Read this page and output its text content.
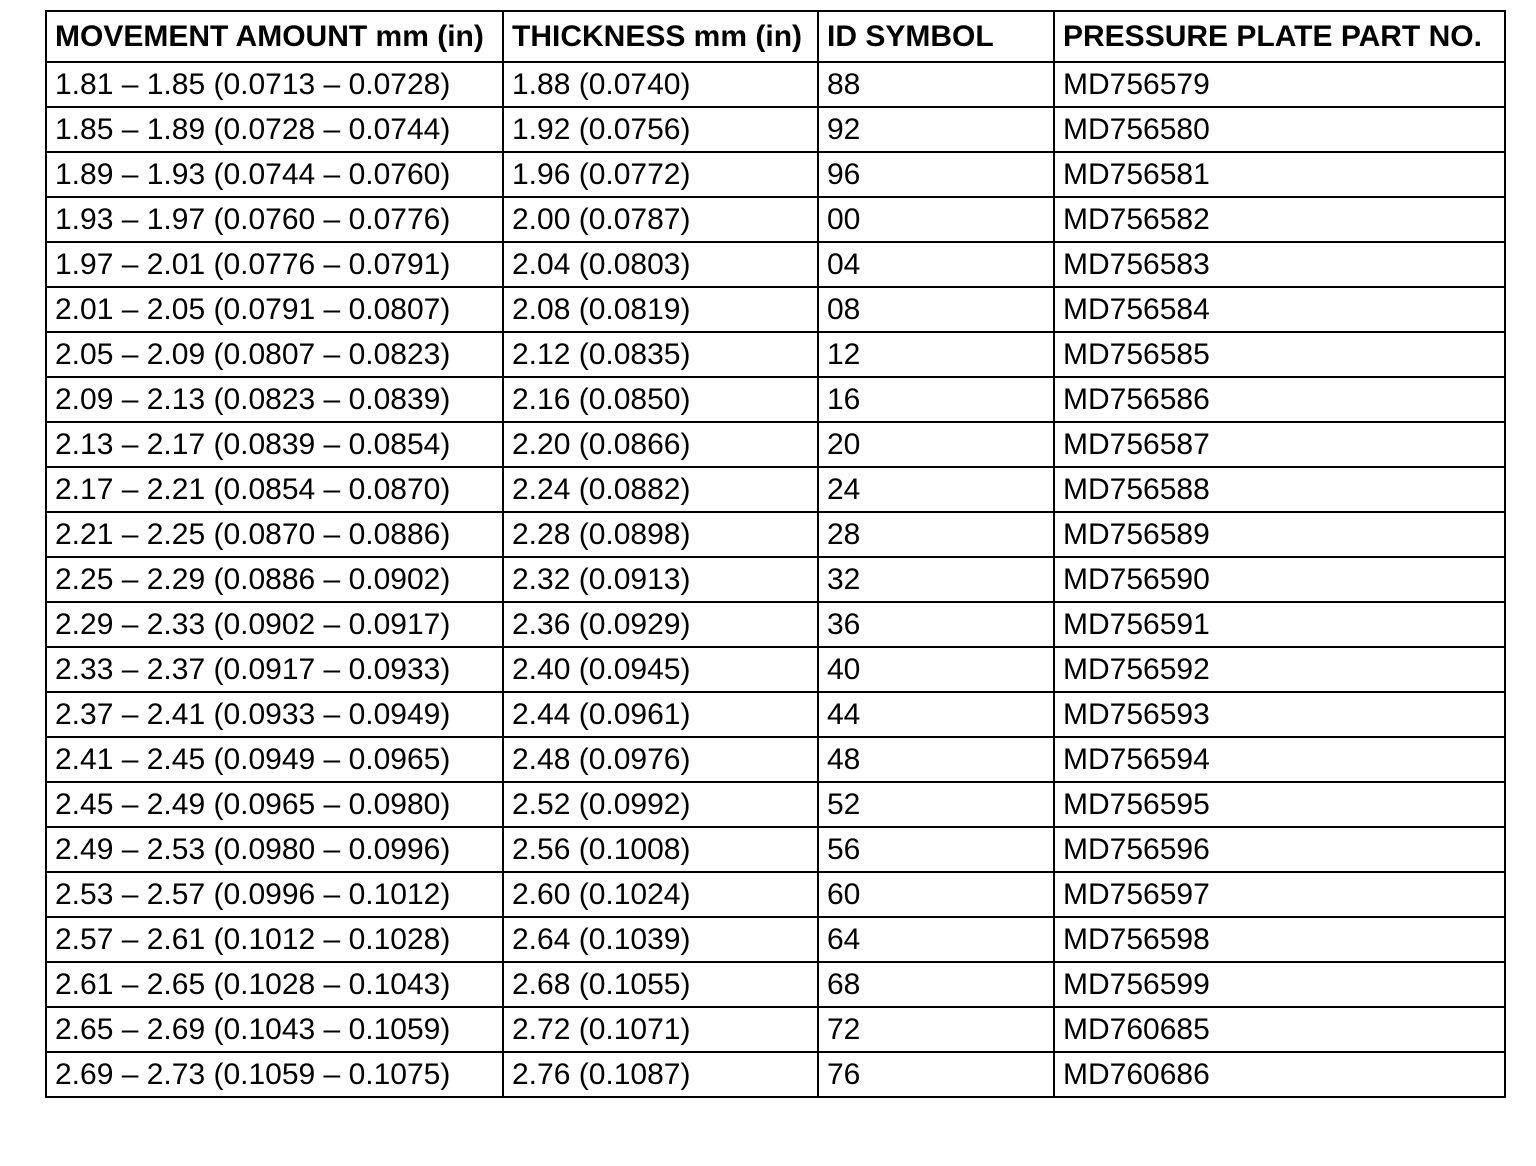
MOVEMENT AMOUNT mm (in)	THICKNESS mm (in)	ID SYMBOL	PRESSURE PLATE PART NO.
1.81 – 1.85 (0.0713 – 0.0728)	1.88 (0.0740)	88	MD756579
1.85 – 1.89 (0.0728 – 0.0744)	1.92 (0.0756)	92	MD756580
1.89 – 1.93 (0.0744 – 0.0760)	1.96 (0.0772)	96	MD756581
1.93 – 1.97 (0.0760 – 0.0776)	2.00 (0.0787)	00	MD756582
1.97 – 2.01 (0.0776 – 0.0791)	2.04 (0.0803)	04	MD756583
2.01 – 2.05 (0.0791 – 0.0807)	2.08 (0.0819)	08	MD756584
2.05 – 2.09 (0.0807 – 0.0823)	2.12 (0.0835)	12	MD756585
2.09 – 2.13 (0.0823 – 0.0839)	2.16 (0.0850)	16	MD756586
2.13 – 2.17 (0.0839 – 0.0854)	2.20 (0.0866)	20	MD756587
2.17 – 2.21 (0.0854 – 0.0870)	2.24 (0.0882)	24	MD756588
2.21 – 2.25 (0.0870 – 0.0886)	2.28 (0.0898)	28	MD756589
2.25 – 2.29 (0.0886 – 0.0902)	2.32 (0.0913)	32	MD756590
2.29 – 2.33 (0.0902 – 0.0917)	2.36 (0.0929)	36	MD756591
2.33 – 2.37 (0.0917 – 0.0933)	2.40 (0.0945)	40	MD756592
2.37 – 2.41 (0.0933 – 0.0949)	2.44 (0.0961)	44	MD756593
2.41 – 2.45 (0.0949 – 0.0965)	2.48 (0.0976)	48	MD756594
2.45 – 2.49 (0.0965 – 0.0980)	2.52 (0.0992)	52	MD756595
2.49 – 2.53 (0.0980 – 0.0996)	2.56 (0.1008)	56	MD756596
2.53 – 2.57 (0.0996 – 0.1012)	2.60 (0.1024)	60	MD756597
2.57 – 2.61 (0.1012 – 0.1028)	2.64 (0.1039)	64	MD756598
2.61 – 2.65 (0.1028 – 0.1043)	2.68 (0.1055)	68	MD756599
2.65 – 2.69 (0.1043 – 0.1059)	2.72 (0.1071)	72	MD760685
2.69 – 2.73 (0.1059 – 0.1075)	2.76 (0.1087)	76	MD760686
